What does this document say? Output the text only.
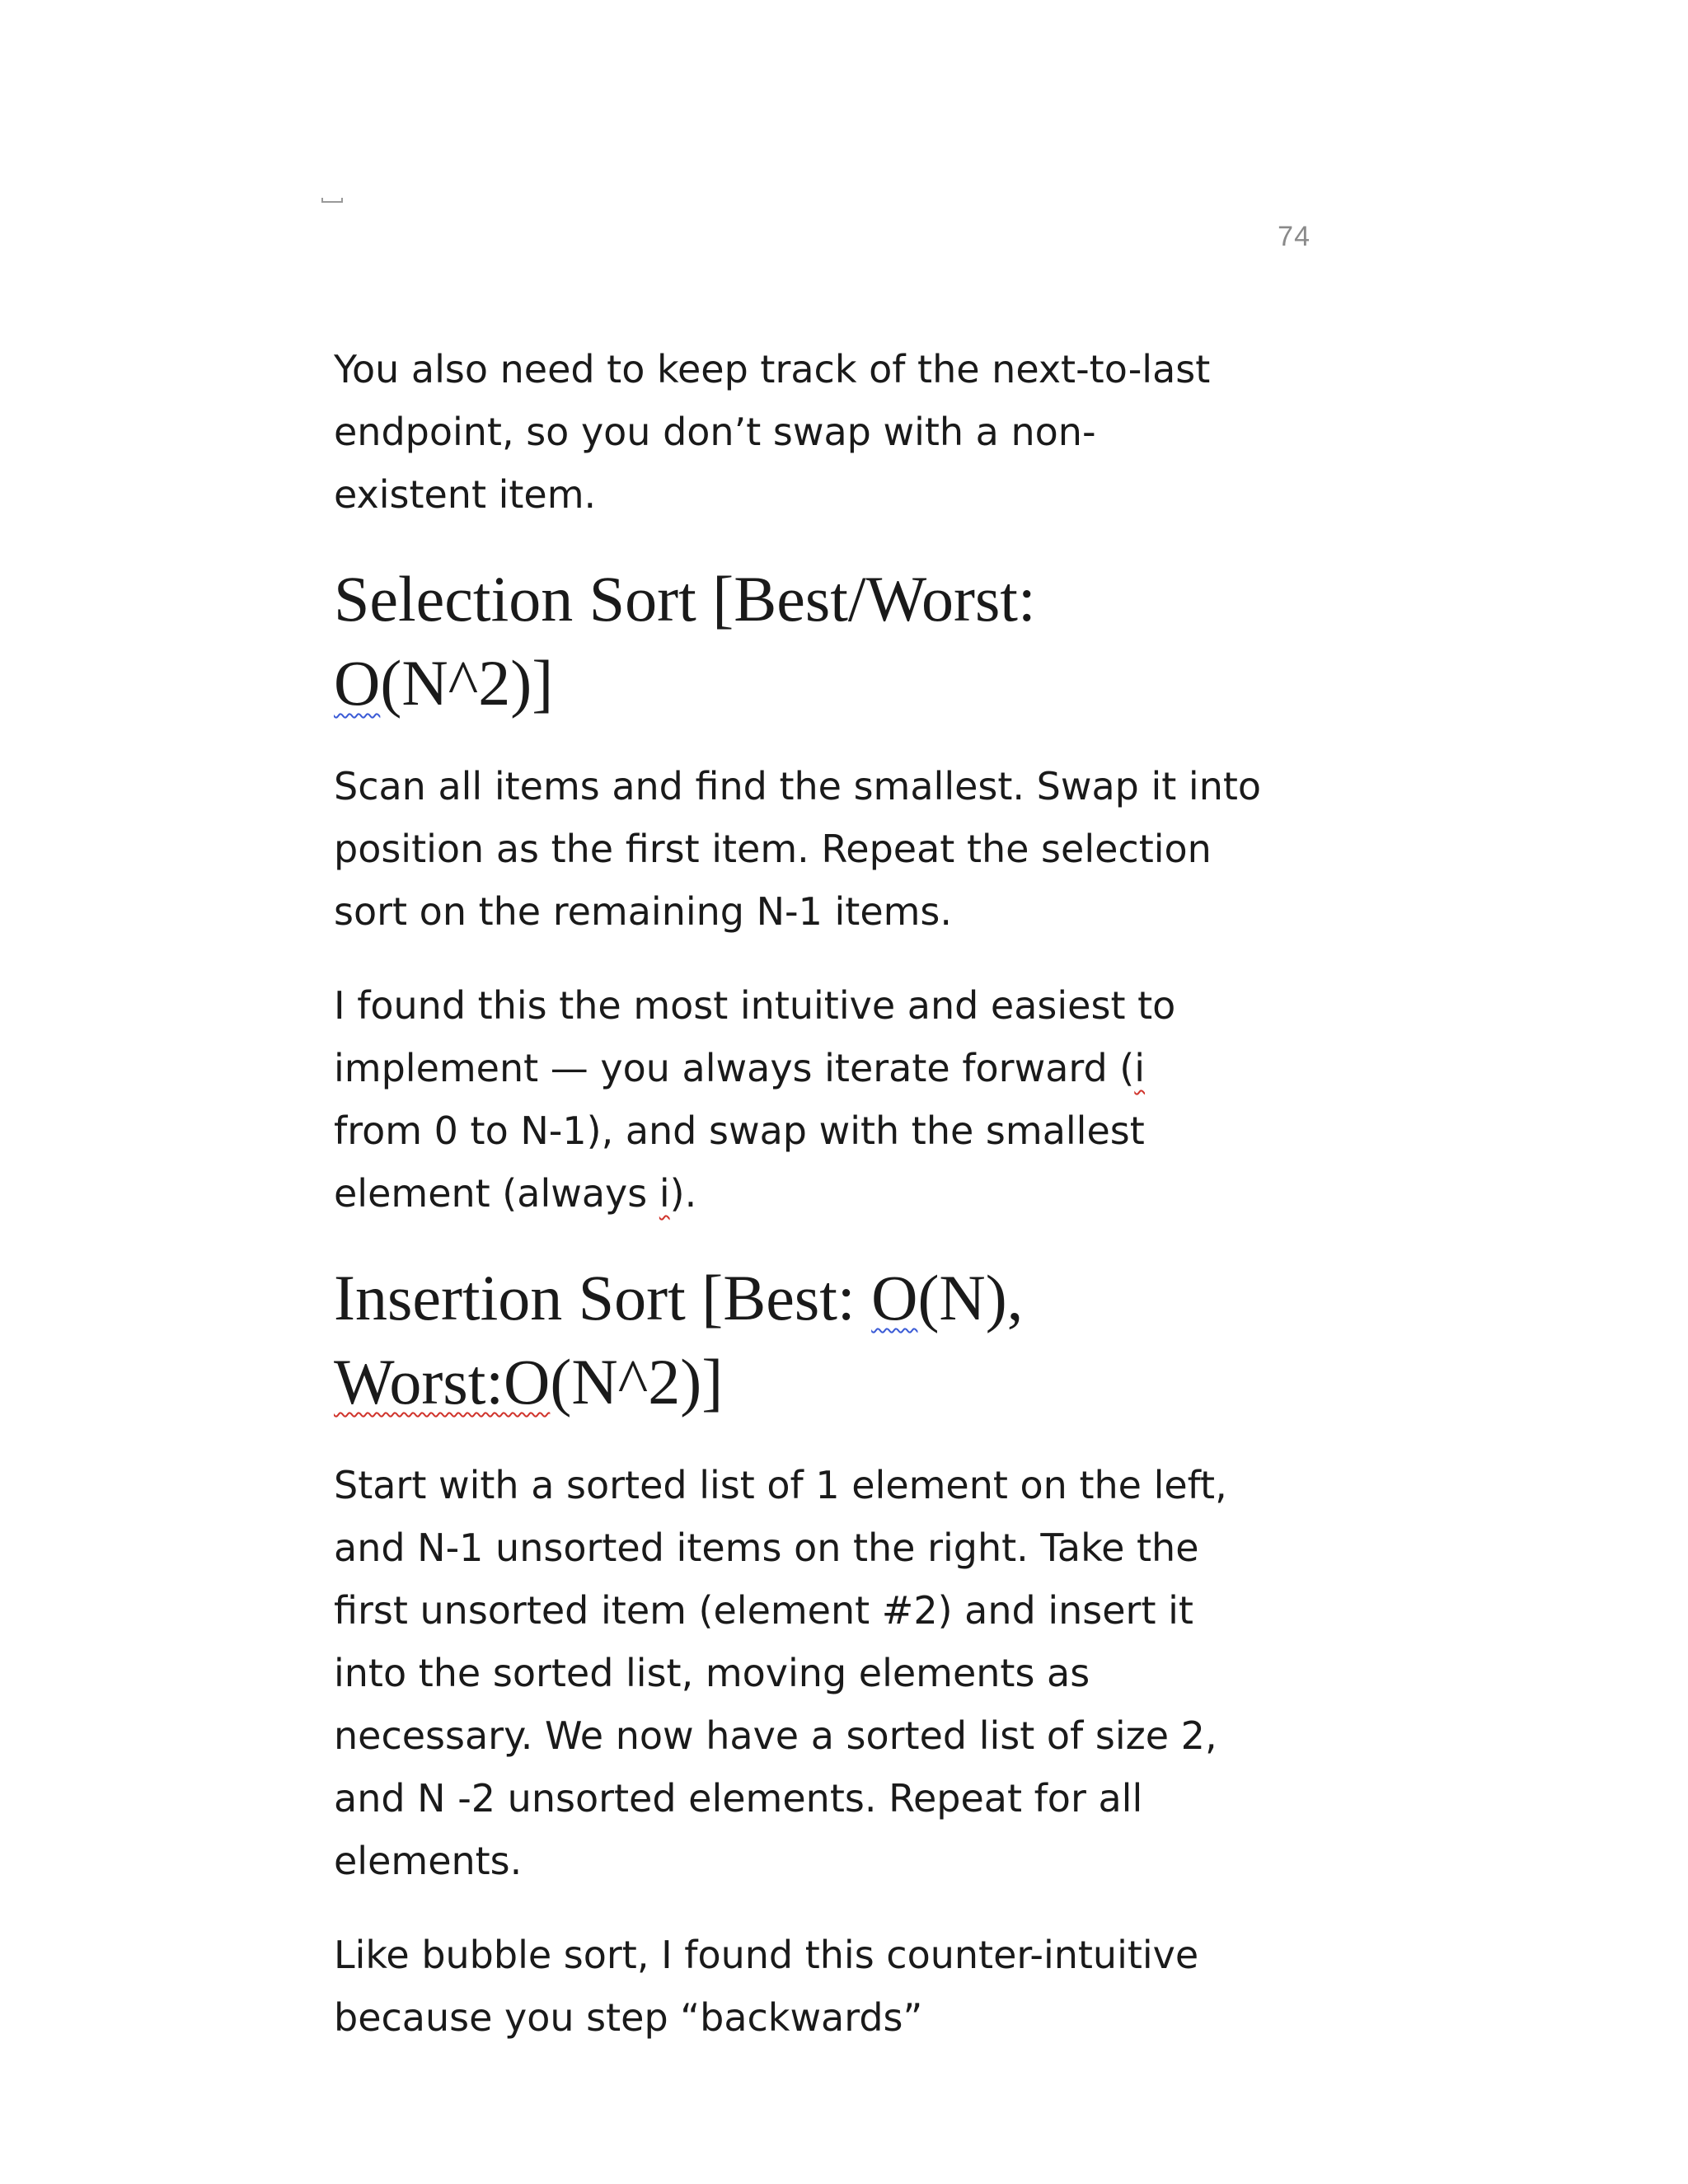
74

You also need to keep track of the next-to-last
endpoint, so you don’t swap with a non-
existent item.

Selection Sort [Best/Worst:
O(N^2)]

Scan all items and find the smallest. Swap it into
position as the first item. Repeat the selection
sort on the remaining N-1 items.

I found this the most intuitive and easiest to
implement — you always iterate forward (i
from 0 to N-1), and swap with the smallest
element (always i).

Insertion Sort [Best: O(N),
Worst:O(N^2)]

Start with a sorted list of 1 element on the left,
and N-1 unsorted items on the right. Take the
first unsorted item (element #2) and insert it
into the sorted list, moving elements as
necessary. We now have a sorted list of size 2,
and N -2 unsorted elements. Repeat for all
elements.

Like bubble sort, I found this counter-intuitive
because you step “backwards”
